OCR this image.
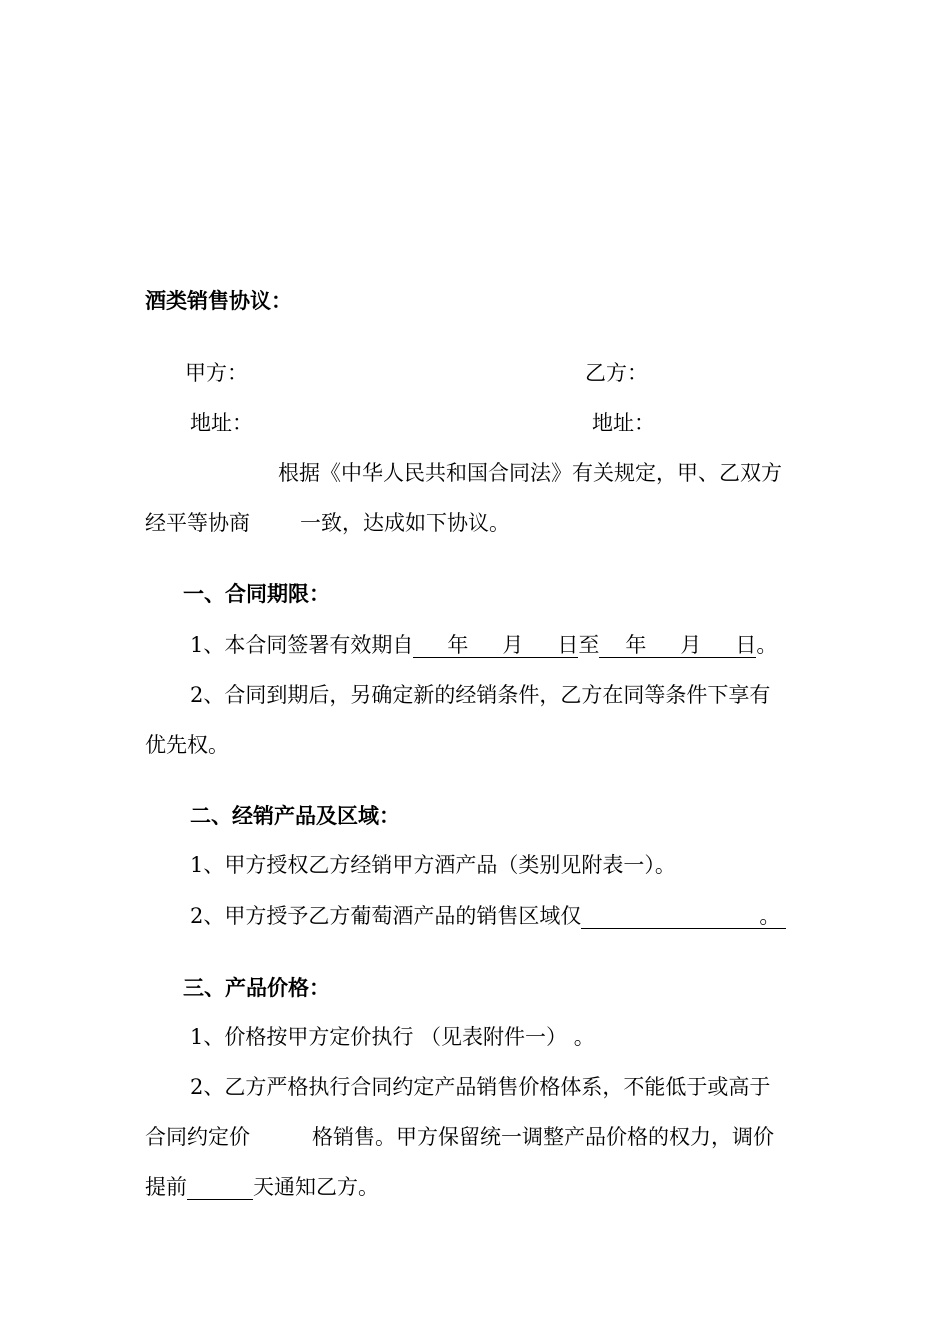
酒类销售协议：
甲方：	乙方：
地址：	地址：
根据《中华人民共和国合同法》有关规定，甲、乙双方
经平等协商 一致，达成如下协议。
一、合同期限：
1、本合同签署有效期自 年 月 日至 年 月 日。
2、合同到期后，另确定新的经销条件，乙方在同等条件下享有
优先权。
二、经销产品及区域：
1、甲方授权乙方经销甲方酒产品（类别见附表一）。
2、甲方授予乙方葡萄酒产品的销售区域仅	。
三、产品价格：
1、价格按甲方定价执行 （见表附件一） 。
2、乙方严格执行合同约定产品销售价格体系，不能低于或高于
合同约定价	格销售。甲方保留统一调整产品价格的权力，调价
提前	天通知乙方。
